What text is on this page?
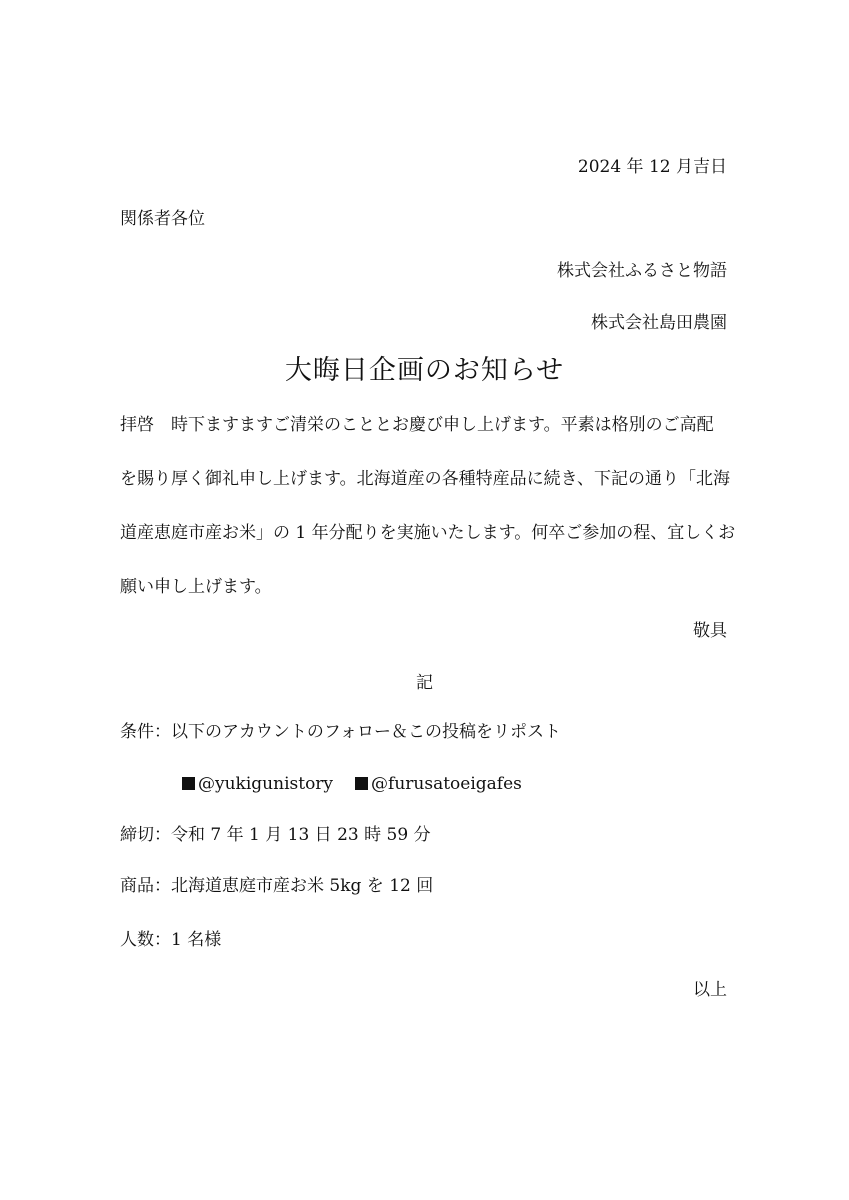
2024 年 12 月吉日
関係者各位
株式会社ふるさと物語
株式会社島田農園
大晦日企画のお知らせ
拝啓　時下ますますご清栄のこととお慶び申し上げます。平素は格別のご高配
を賜り厚く御礼申し上げます。北海道産の各種特産品に続き、下記の通り「北海
道産恵庭市産お米」の 1 年分配りを実施いたします。何卒ご参加の程、宜しくお
願い申し上げます。
敬具
記
条件：以下のアカウントのフォロー＆この投稿をリポスト
@yukigunistory @furusatoeigafes
締切：令和 7 年 1 月 13 日 23 時 59 分
商品：北海道恵庭市産お米 5kg を 12 回
人数：1 名様
以上
